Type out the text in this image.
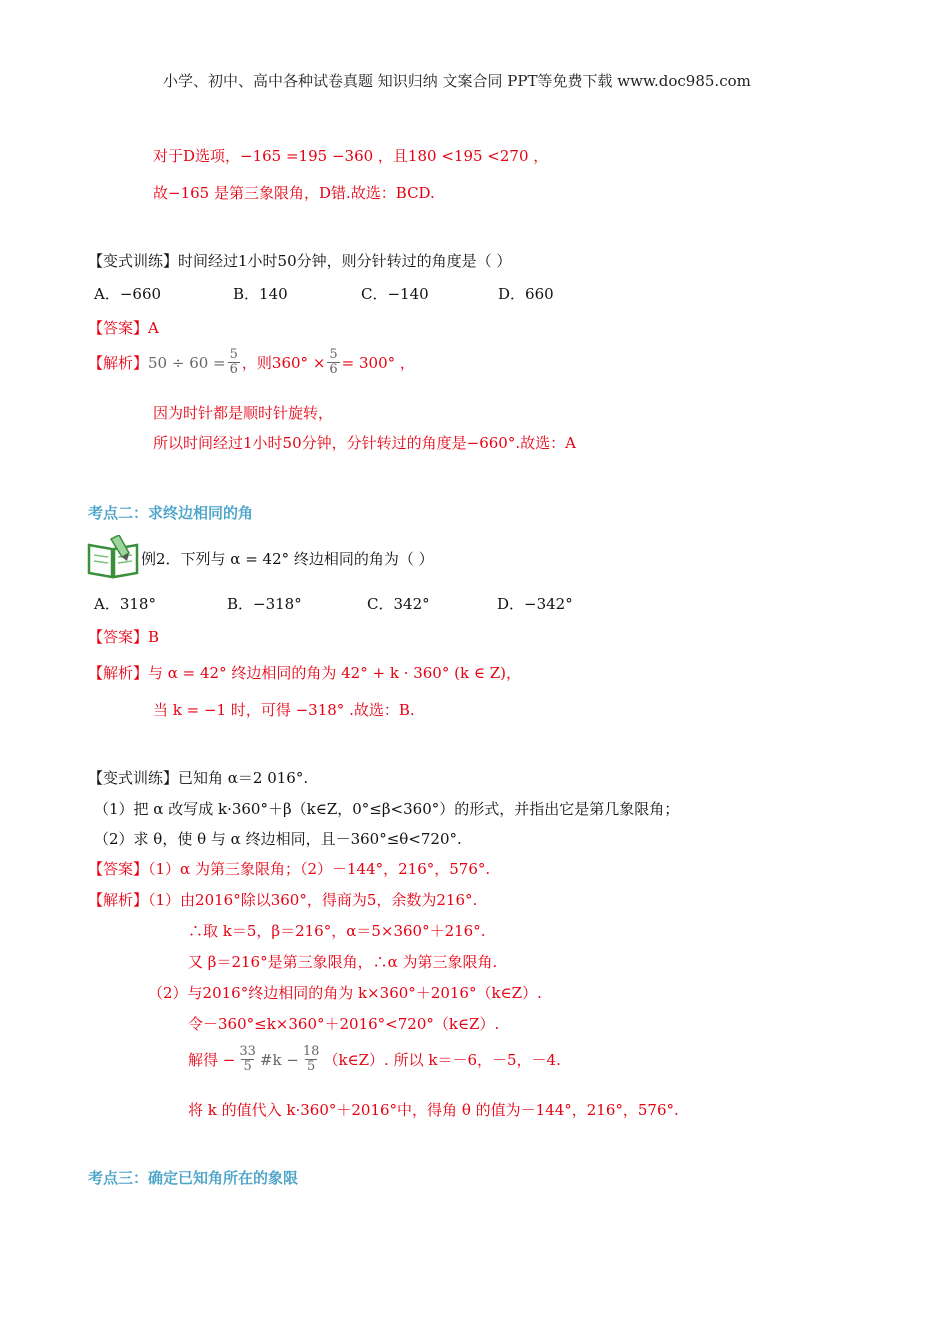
小学、初中、高中各种试卷真题 知识归纳 文案合同 PPT等免费下载 www.doc985.com
对于D选项，−165 =195 −360 ，且180 <195 <270 ，
故−165 是第三象限角，D错.故选：BCD.
【变式训练】时间经过1小时50分钟，则分针转过的角度是（ ）
A．−660	B．140	C．−140	D．660
【答案】A
【解析】 $50 \div 60 = \frac{5}{6}$ ，则$360^\circ \times \frac{5}{6} = 300^\circ$ ，
因为时针都是顺时针旋转，
所以时间经过1小时50分钟，分针转过的角度是−660°.故选：A
考点二：求终边相同的角
例2．下列与 α = 42° 终边相同的角为（ ）
A．318°	B．−318°	C．342°	D．−342°
【答案】B
【解析】与 α = 42° 终边相同的角为 42° + k · 360° (k ∈ Z)，
当 k = −1 时，可得 −318° .故选：B.
【变式训练】已知角 α＝2 016°.
（1）把 α 改写成 k·360°＋β（k∈Z，0°≤β<360°）的形式，并指出它是第几象限角；
（2）求 θ，使 θ 与 α 终边相同，且－360°≤θ<720°.
【答案】（1）α 为第三象限角；（2）－144°，216°，576°.
【解析】（1）由2016°除以360°，得商为5，余数为216°.
∴取 k＝5，β＝216°，α＝5×360°＋216°.
又 β＝216°是第三象限角，∴α 为第三象限角.
（2）与2016°终边相同的角为 k×360°＋2016°（k∈Z）.
令－360°≤k×360°＋2016°<720°（k∈Z）.
解得 − $\frac{33}{5}$ #k − $\frac{18}{5}$ （k∈Z）. 所以 k＝－6，－5，－4.
将 k 的值代入 k·360°＋2016°中，得角 θ 的值为－144°，216°，576°.
考点三：确定已知角所在的象限
